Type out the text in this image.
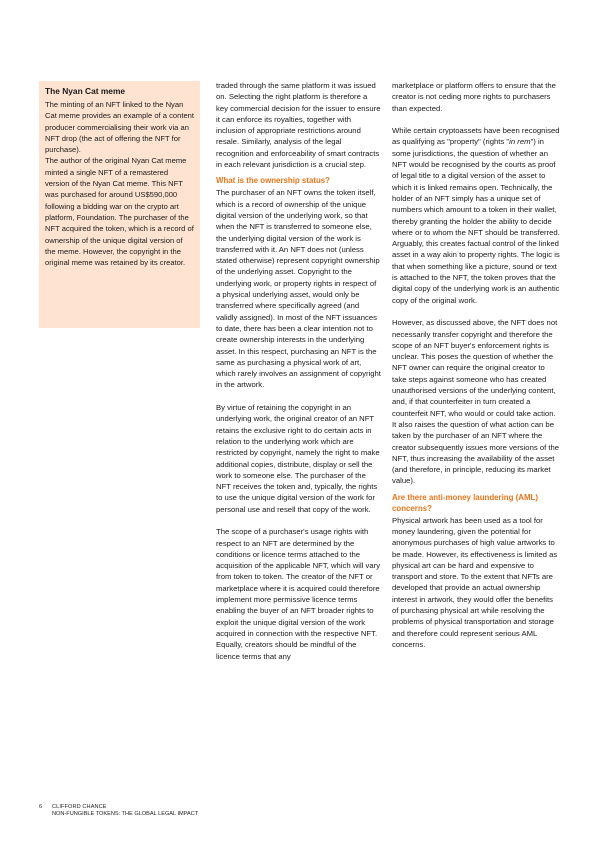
The Nyan Cat meme

The minting of an NFT linked to the Nyan Cat meme provides an example of a content producer commercialising their work via an NFT drop (the act of offering the NFT for purchase).

The author of the original Nyan Cat meme minted a single NFT of a remastered version of the Nyan Cat meme. This NFT was purchased for around US$590,000 following a bidding war on the crypto art platform, Foundation. The purchaser of the NFT acquired the token, which is a record of ownership of the unique digital version of the meme. However, the copyright in the original meme was retained by its creator.

traded through the same platform it was issued on. Selecting the right platform is therefore a key commercial decision for the issuer to ensure it can enforce its royalties, together with inclusion of appropriate restrictions around resale. Similarly, analysis of the legal recognition and enforceability of smart contracts in each relevant jurisdiction is a crucial step.

What is the ownership status?

The purchaser of an NFT owns the token itself, which is a record of ownership of the unique digital version of the underlying work, so that when the NFT is transferred to someone else, the underlying digital version of the work is transferred with it. An NFT does not (unless stated otherwise) represent copyright ownership of the underlying asset. Copyright to the underlying work, or property rights in respect of a physical underlying asset, would only be transferred where specifically agreed (and validly assigned). In most of the NFT issuances to date, there has been a clear intention not to create ownership interests in the underlying asset. In this respect, purchasing an NFT is the same as purchasing a physical work of art, which rarely involves an assignment of copyright in the artwork.

By virtue of retaining the copyright in an underlying work, the original creator of an NFT retains the exclusive right to do certain acts in relation to the underlying work which are restricted by copyright, namely the right to make additional copies, distribute, display or sell the work to someone else. The purchaser of the NFT receives the token and, typically, the rights to use the unique digital version of the work for personal use and resell that copy of the work.

The scope of a purchaser's usage rights with respect to an NFT are determined by the conditions or licence terms attached to the acquisition of the applicable NFT, which will vary from token to token. The creator of the NFT or marketplace where it is acquired could therefore implement more permissive licence terms enabling the buyer of an NFT broader rights to exploit the unique digital version of the work acquired in connection with the respective NFT. Equally, creators should be mindful of the licence terms that any

marketplace or platform offers to ensure that the creator is not ceding more rights to purchasers than expected.

While certain cryptoassets have been recognised as qualifying as "property" (rights "in rem") in some jurisdictions, the question of whether an NFT would be recognised by the courts as proof of legal title to a digital version of the asset to which it is linked remains open. Technically, the holder of an NFT simply has a unique set of numbers which amount to a token in their wallet, thereby granting the holder the ability to decide where or to whom the NFT should be transferred. Arguably, this creates factual control of the linked asset in a way akin to property rights. The logic is that when something like a picture, sound or text is attached to the NFT, the token proves that the digital copy of the underlying work is an authentic copy of the original work.

However, as discussed above, the NFT does not necessarily transfer copyright and therefore the scope of an NFT buyer's enforcement rights is unclear. This poses the question of whether the NFT owner can require the original creator to take steps against someone who has created unauthorised versions of the underlying content, and, if that counterfeiter in turn created a counterfeit NFT, who would or could take action. It also raises the question of what action can be taken by the purchaser of an NFT where the creator subsequently issues more versions of the NFT, thus increasing the availability of the asset (and therefore, in principle, reducing its market value).

Are there anti-money laundering (AML) concerns?

Physical artwork has been used as a tool for money laundering, given the potential for anonymous purchases of high value artworks to be made. However, its effectiveness is limited as physical art can be hard and expensive to transport and store. To the extent that NFTs are developed that provide an actual ownership interest in artwork, they would offer the benefits of purchasing physical art while resolving the problems of physical transportation and storage and therefore could represent serious AML concerns.

6 CLIFFORD CHANCE
NON-FUNGIBLE TOKENS: THE GLOBAL LEGAL IMPACT
